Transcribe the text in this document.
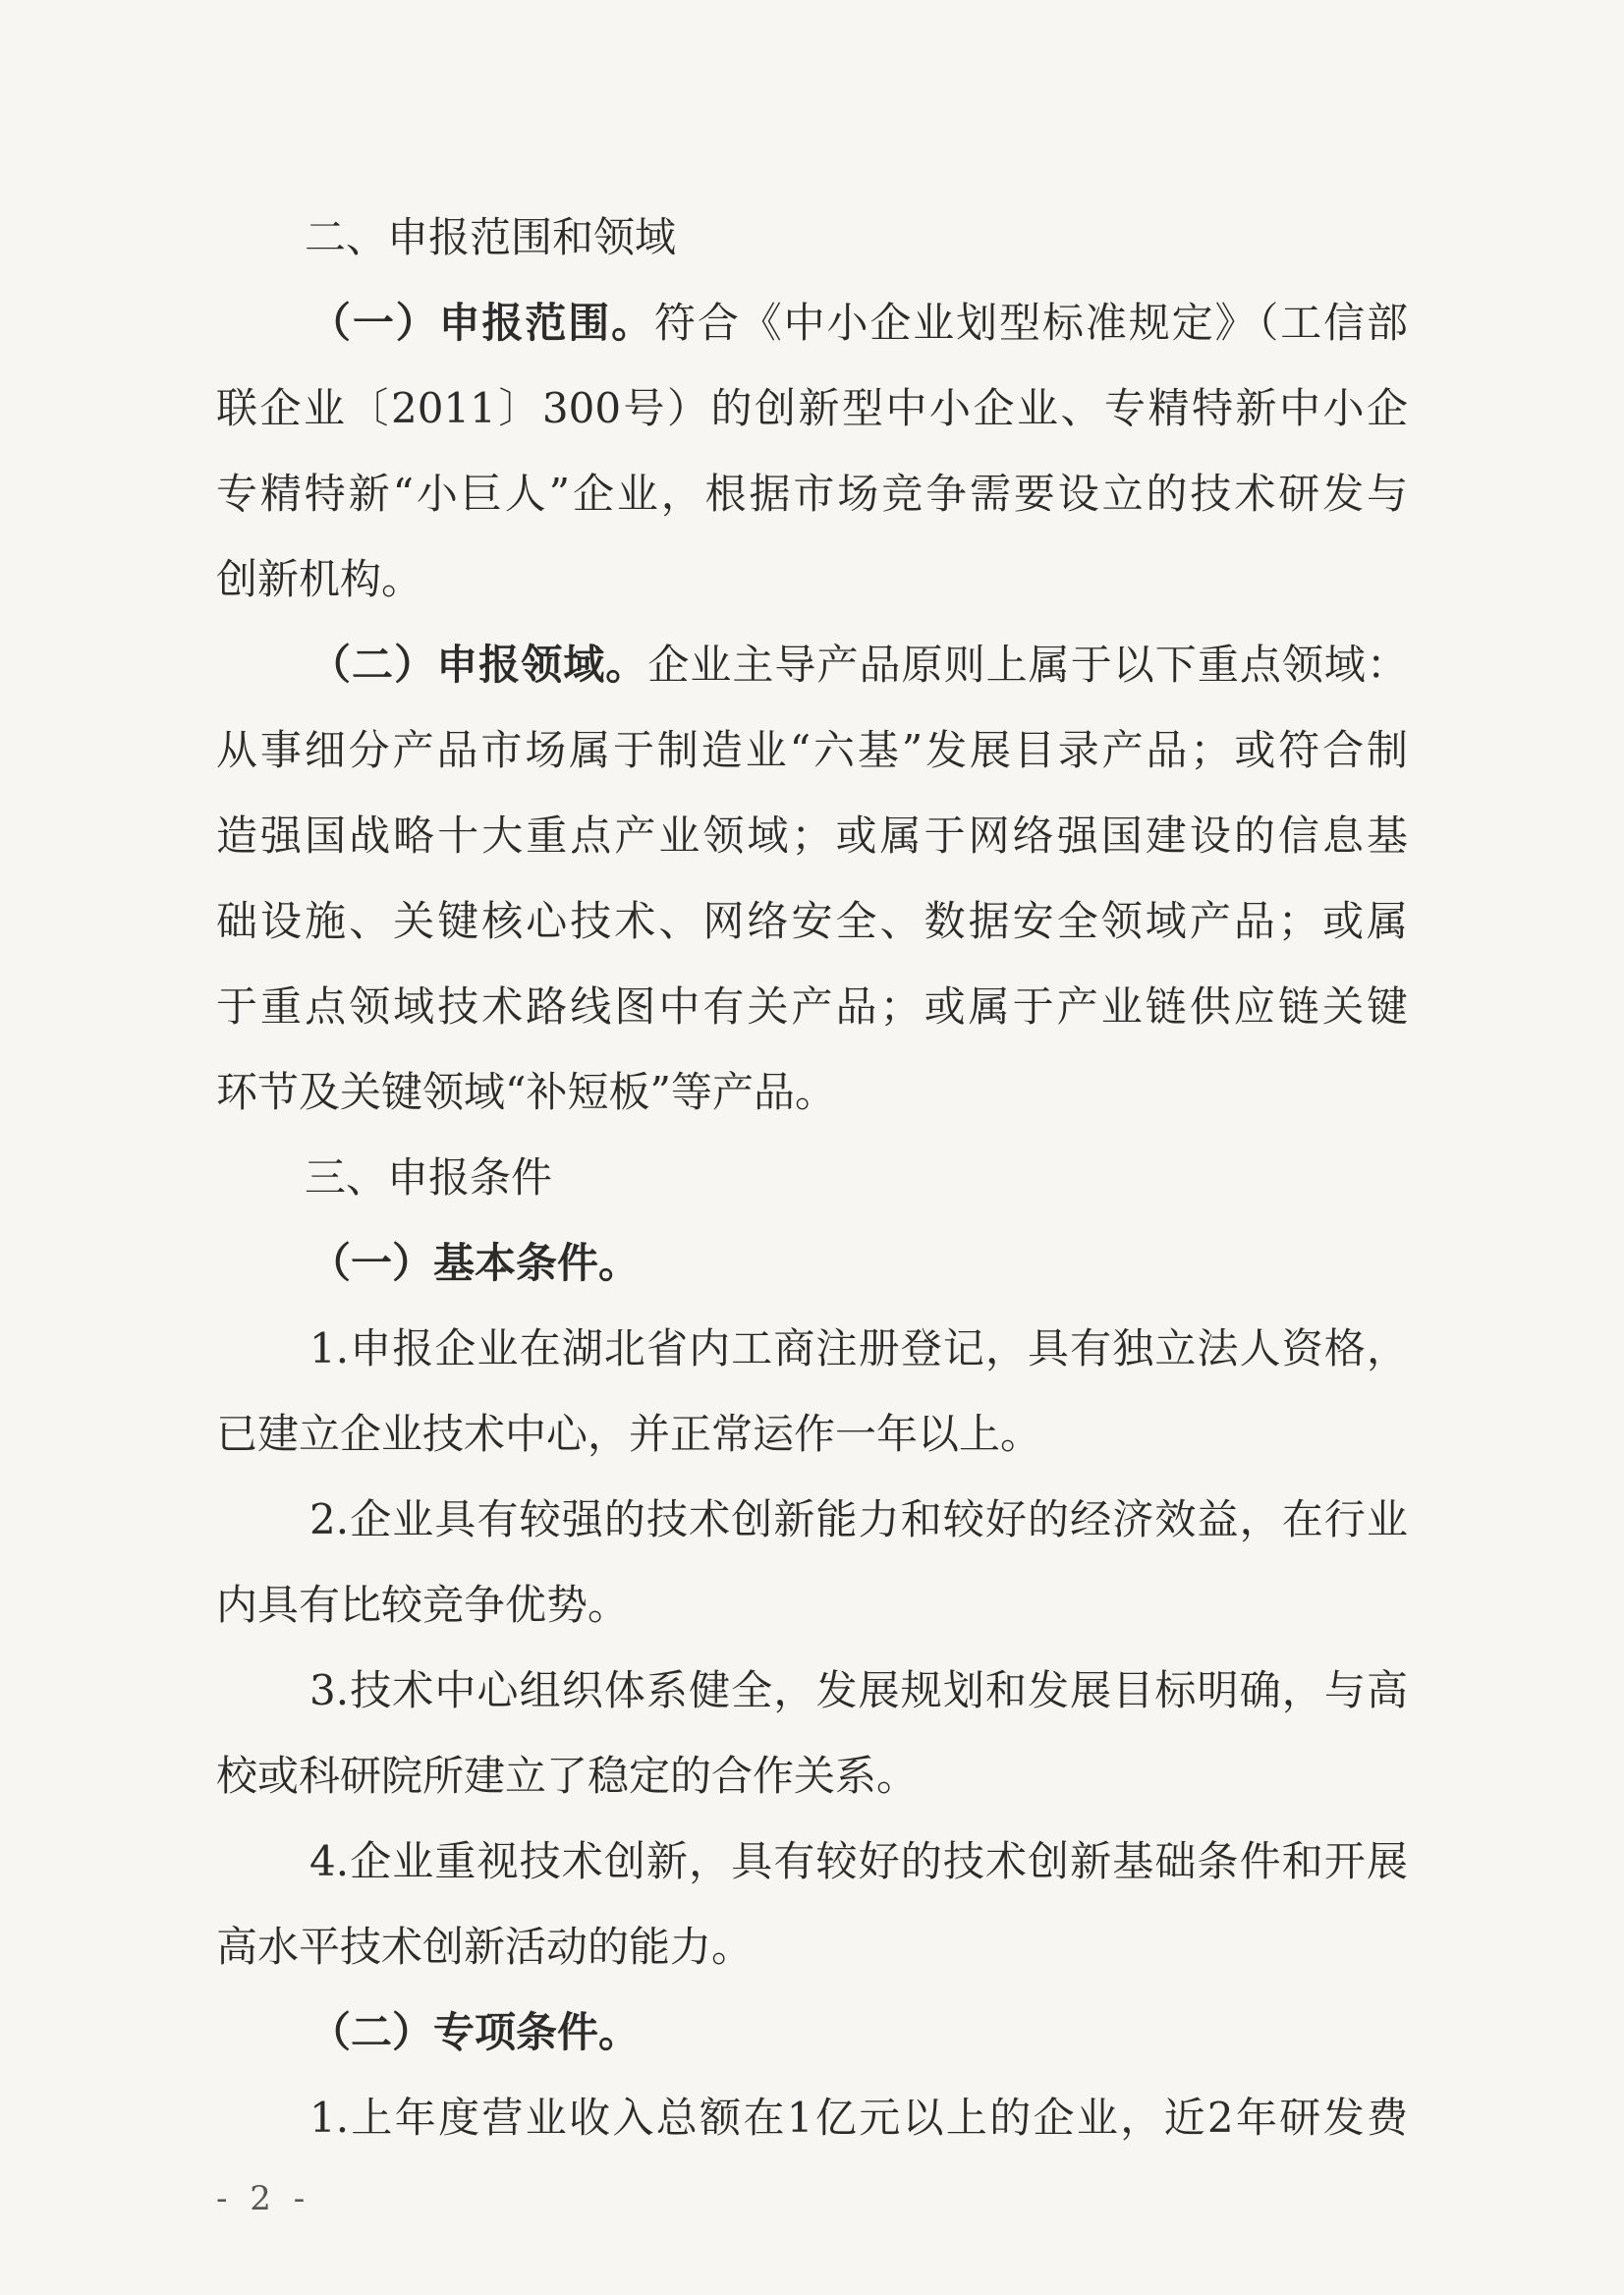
二、申报范围和领域
（一）申报范围。符合《中小企业划型标准规定》（工信部
联企业〔2011〕300号）的创新型中小企业、专精特新中小企
专精特新“小巨人”企业，根据市场竞争需要设立的技术研发与
创新机构。
（二）申报领域。企业主导产品原则上属于以下重点领域：
从事细分产品市场属于制造业“六基”发展目录产品；或符合制
造强国战略十大重点产业领域；或属于网络强国建设的信息基
础设施、关键核心技术、网络安全、数据安全领域产品；或属
于重点领域技术路线图中有关产品；或属于产业链供应链关键
环节及关键领域“补短板”等产品。
三、申报条件
（一）基本条件。
1.申报企业在湖北省内工商注册登记，具有独立法人资格，
已建立企业技术中心，并正常运作一年以上。
2.企业具有较强的技术创新能力和较好的经济效益，在行业
内具有比较竞争优势。
3.技术中心组织体系健全，发展规划和发展目标明确，与高
校或科研院所建立了稳定的合作关系。
4.企业重视技术创新，具有较好的技术创新基础条件和开展
高水平技术创新活动的能力。
（二）专项条件。
1.上年度营业收入总额在1亿元以上的企业，近2年研发费
- 2 -
